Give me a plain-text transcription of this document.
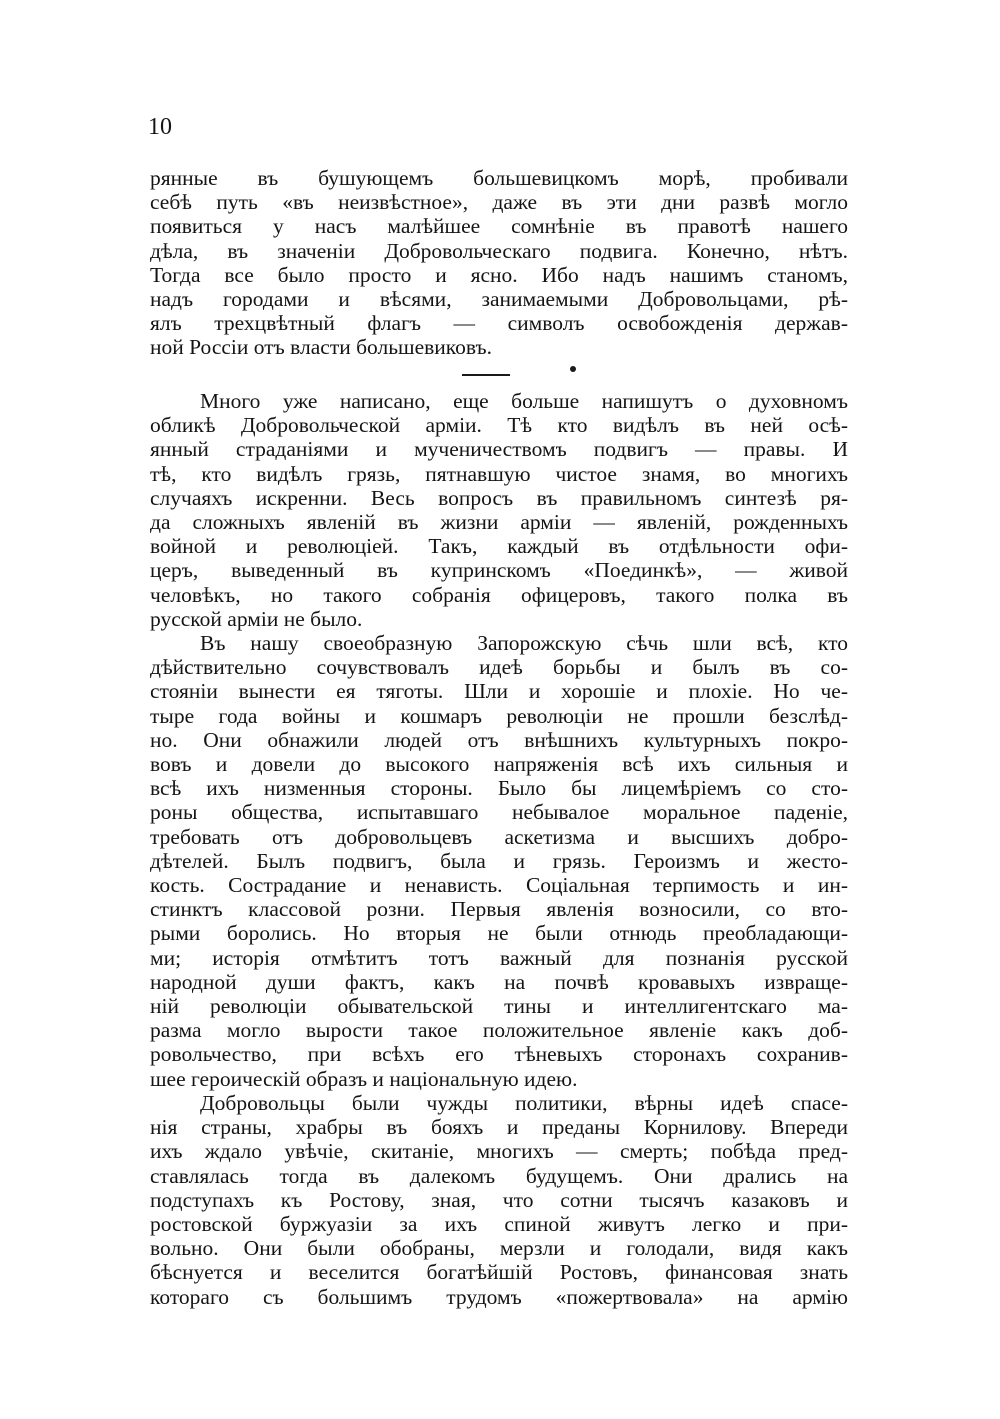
10
рянные въ бушующемъ большевицкомъ морѣ, пробивали
себѣ путь «въ неизвѣстное», даже въ эти дни развѣ могло
появиться у насъ малѣйшее сомнѣніе въ правотѣ нашего
дѣла, въ значеніи Добровольческаго подвига. Конечно, нѣтъ.
Тогда все было просто и ясно. Ибо надъ нашимъ станомъ,
надъ городами и вѣсями, занимаемыми Добровольцами, рѣ-
ялъ трехцвѣтный флагъ — символъ освобожденія держав-
ной Россіи отъ власти большевиковъ.
Много уже написано, еще больше напишутъ о духовномъ
обликѣ Добровольческой арміи. Тѣ кто видѣлъ въ ней осѣ-
янный страданіями и мученичествомъ подвигъ — правы. И
тѣ, кто видѣлъ грязь, пятнавшую чистое знамя, во многихъ
случаяхъ искренни. Весь вопросъ въ правильномъ синтезѣ ря-
да сложныхъ явленій въ жизни арміи — явленій, рожденныхъ
войной и революціей. Такъ, каждый въ отдѣльности офи-
церъ, выведенный въ купринскомъ «Поединкѣ», — живой
человѣкъ, но такого собранія офицеровъ, такого полка въ
русской арміи не было.
Въ нашу своеобразную Запорожскую сѣчь шли всѣ, кто
дѣйствительно сочувствовалъ идеѣ борьбы и былъ въ со-
стояніи вынести ея тяготы. Шли и хорошіе и плохіе. Но че-
тыре года войны и кошмаръ революціи не прошли безслѣд-
но. Они обнажили людей отъ внѣшнихъ культурныхъ покро-
вовъ и довели до высокого напряженія всѣ ихъ сильныя и
всѣ ихъ низменныя стороны. Было бы лицемѣріемъ со сто-
роны общества, испытавшаго небывалое моральное паденіе,
требовать отъ добровольцевъ аскетизма и высшихъ добро-
дѣтелей. Былъ подвигъ, была и грязь. Героизмъ и жесто-
кость. Сострадание и ненависть. Соціальная терпимость и ин-
стинктъ классовой розни. Первыя явленія возносили, со вто-
рыми боролись. Но вторыя не были отнюдь преобладающи-
ми; исторія отмѣтитъ тотъ важный для познанія русской
народной души фактъ, какъ на почвѣ кровавыхъ извраще-
ній революціи обывательской тины и интеллигентскаго ма-
разма могло вырости такое положительное явленіе какъ доб-
ровольчество, при всѣхъ его тѣневыхъ сторонахъ сохранив-
шее героическій образъ и національную идею.
Добровольцы были чужды политики, вѣрны идеѣ спасе-
нія страны, храбры въ бояхъ и преданы Корнилову. Впереди
ихъ ждало увѣчіе, скитаніе, многихъ — смерть; побѣда пред-
ставлялась тогда въ далекомъ будущемъ. Они дрались на
подступахъ къ Ростову, зная, что сотни тысячъ казаковъ и
ростовской буржуазіи за ихъ спиной живутъ легко и при-
вольно. Они были обобраны, мерзли и голодали, видя какъ
бѣснуется и веселится богатѣйшій Ростовъ, финансовая знать
котораго съ большимъ трудомъ «пожертвовала» на армію
